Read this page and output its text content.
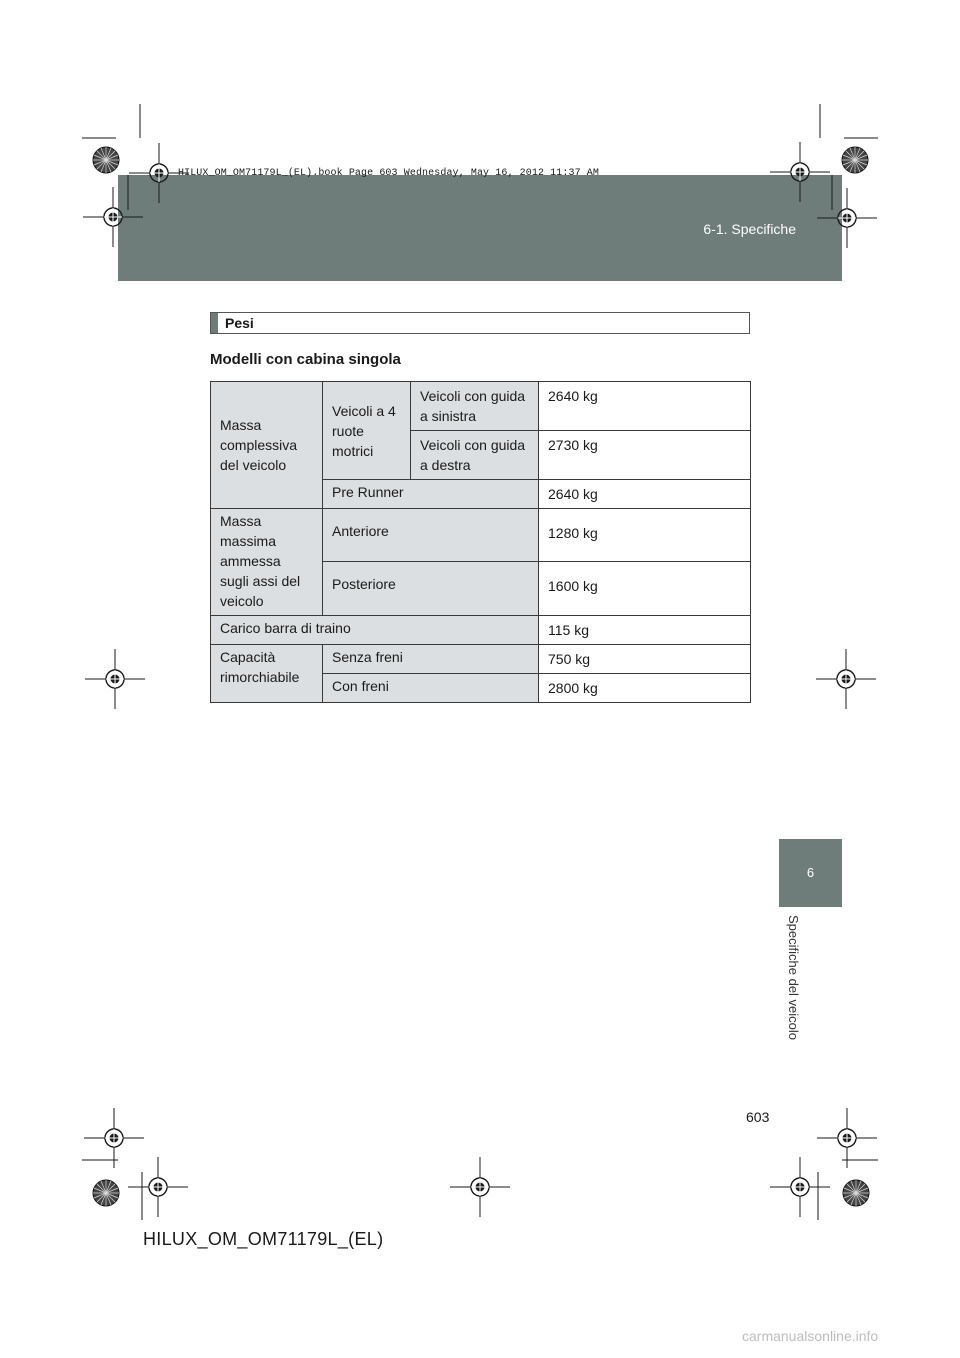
6-1. Specifiche
HILUX_OM_OM71179L_(EL).book Page 603 Wednesday, May 16, 2012 11:37 AM
6
Specifiche del veicolo
Pesi
Modelli con cabina singola
Massa complessiva del veicolo	Veicoli a 4 ruote motrici	Veicoli con guida a sinistra	2640 kg
		Veicoli con guida a destra	2730 kg
	Pre Runner		2640 kg
Massa massima ammessa sugli assi del veicolo	Anteriore		1280 kg
	Posteriore		1600 kg
Carico barra di traino			115 kg
Capacità rimorchiabile	Senza freni		750 kg
	Con freni		2800 kg
603
HILUX_OM_OM71179L_(EL)
carmanualsonline.info
